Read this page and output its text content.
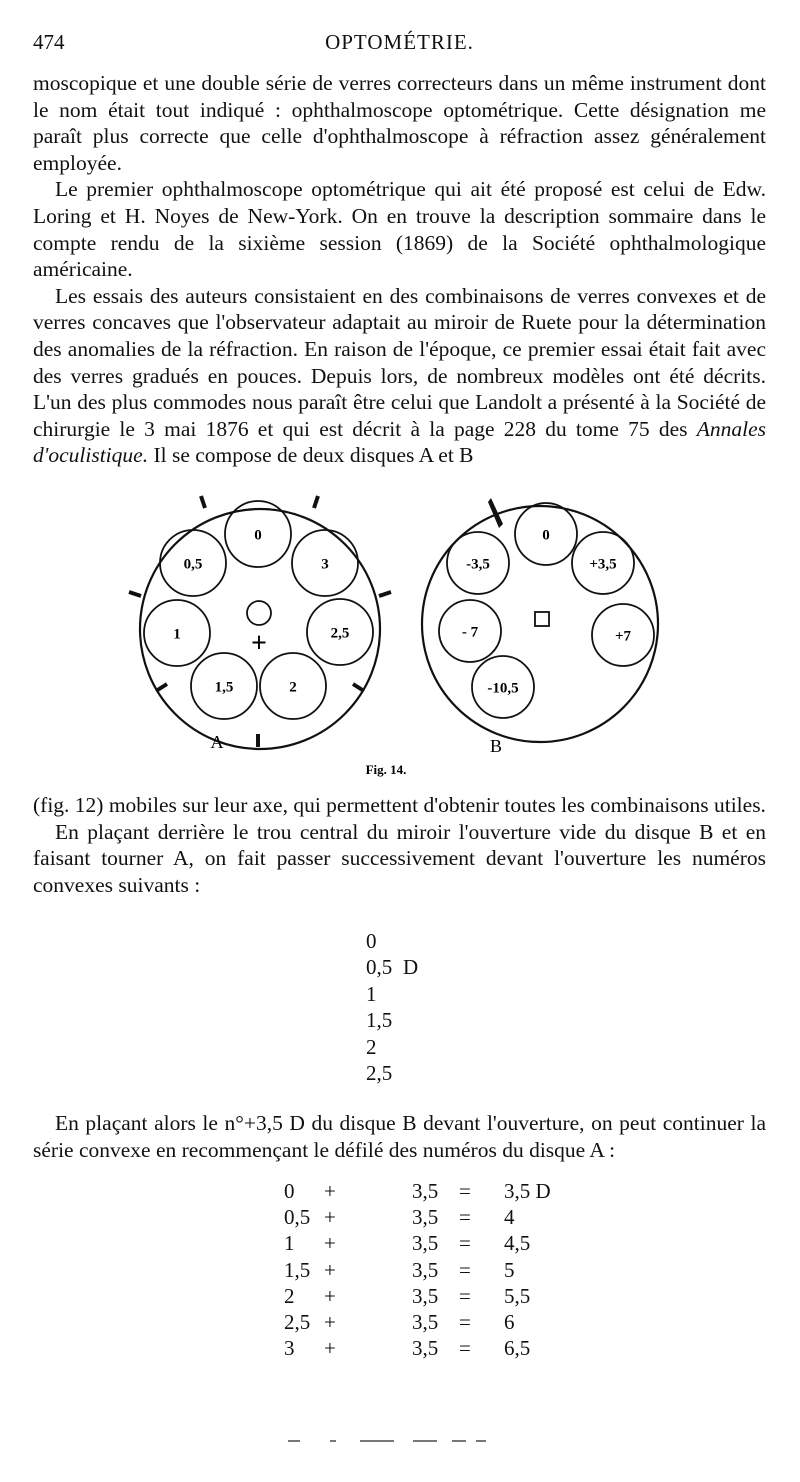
474	OPTOMÉTRIE.

moscopique et une double série de verres correcteurs dans un même instrument dont le nom était tout indiqué : ophthalmoscope optométrique. Cette désignation me paraît plus correcte que celle d'ophthalmoscope à réfraction assez généralement employée.

Le premier ophthalmoscope optométrique qui ait été proposé est celui de Edw. Loring et H. Noyes de New-York. On en trouve la description sommaire dans le compte rendu de la sixième session (1869) de la Société ophthalmologique américaine.

Les essais des auteurs consistaient en des combinaisons de verres convexes et de verres concaves que l'observateur adaptait au miroir de Ruete pour la détermination des anomalies de la réfraction. En raison de l'époque, ce premier essai était fait avec des verres gradués en pouces. Depuis lors, de nombreux modèles ont été décrits. L'un des plus commodes nous paraît être celui que Landolt a présenté à la Société de chirurgie le 3 mai 1876 et qui est décrit à la page 228 du tome 75 des Annales d'oculistique. Il se compose de deux disques A et B

+
0
3
2,5
2
1,5
1
0,5
0
+3,5
+7
-10,5
- 7
-3,5
A	B
Fig. 14.

(fig. 12) mobiles sur leur axe, qui permettent d'obtenir toutes les combinaisons utiles.

En plaçant derrière le trou central du miroir l'ouverture vide du disque B et en faisant tourner A, on fait passer successivement devant l'ouverture les numéros convexes suivants :

0
0,5 D
1
1,5
2
2,5

En plaçant alors le n°+3,5 D du disque B devant l'ouverture, on peut continuer la série convexe en recommençant le défilé des numéros du disque A :

0 +	3,5 = 3,5 D
0,5 +	3,5 = 4
1 +	3,5 = 4,5
1,5 +	3,5 = 5
2 +	3,5 = 5,5
2,5 +	3,5 = 6
3 +	3,5 = 6,5
